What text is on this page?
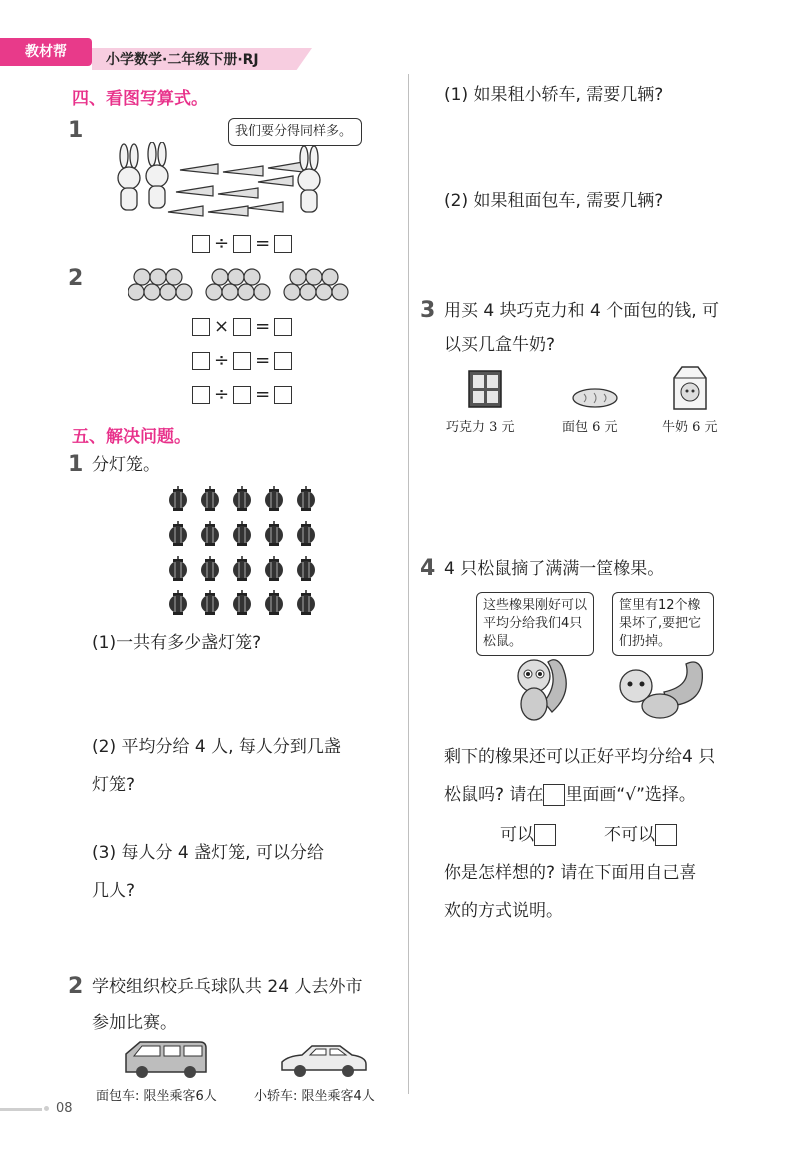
教材帮	小学数学·二年级下册·RJ
四、看图写算式。
1	我们要分得同样多。
÷ =
2
× =
÷ =
÷ =
五、解决问题。
1 分灯笼。
(1)一共有多少盏灯笼?
(2) 平均分给 4 人, 每人分到几盏
灯笼?
(3) 每人分 4 盏灯笼, 可以分给
几人?
2 学校组织校乒乓球队共 24 人去外市
参加比赛。
面包车: 限坐乘客6人	小轿车: 限坐乘客4人
(1) 如果租小轿车, 需要几辆?
(2) 如果租面包车, 需要几辆?
3 用买 4 块巧克力和 4 个面包的钱, 可
以买几盒牛奶?
巧克力 3 元	面包 6 元	牛奶 6 元
4 4 只松鼠摘了满满一筐橡果。
这些橡果刚好可以平均分给我们4只松鼠。
筐里有12个橡果坏了,要把它们扔掉。
剩下的橡果还可以正好平均分给4 只
松鼠吗? 请在 里面画“√”选择。
可以	不可以
你是怎样想的? 请在下面用自己喜
欢的方式说明。
08
